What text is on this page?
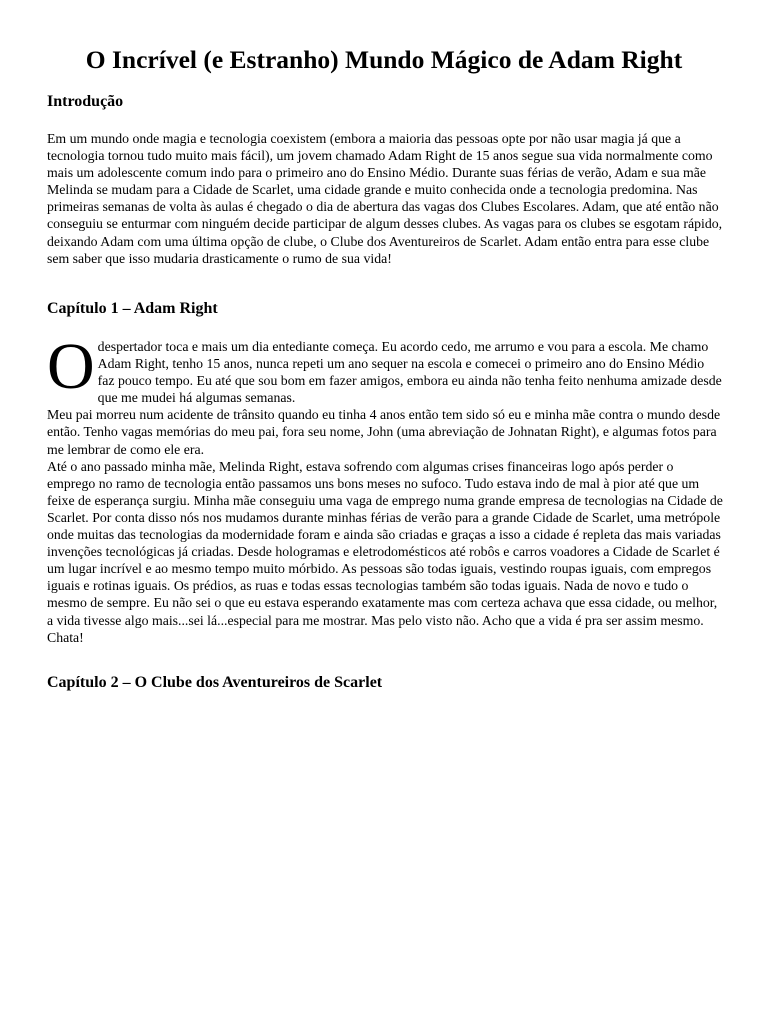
O Incrível (e Estranho) Mundo Mágico de Adam Right
Introdução

Em um mundo onde magia e tecnologia coexistem (embora a maioria das pessoas opte por não usar magia já que a tecnologia tornou tudo muito mais fácil), um jovem chamado Adam Right de 15 anos segue sua vida normalmente como mais um adolescente comum indo para o primeiro ano do Ensino Médio. Durante suas férias de verão, Adam e sua mãe Melinda se mudam para a Cidade de Scarlet, uma cidade grande e muito conhecida onde a tecnologia predomina. Nas primeiras semanas de volta às aulas é chegado o dia de abertura das vagas dos Clubes Escolares. Adam, que até então não conseguiu se enturmar com ninguém decide participar de algum desses clubes. As vagas para os clubes se esgotam rápido, deixando Adam com uma última opção de clube, o Clube dos Aventureiros de Scarlet. Adam então entra para esse clube sem saber que isso mudaria drasticamente o rumo de sua vida!

Capítulo 1 – Adam Right
O despertador toca e mais um dia entediante começa. Eu acordo cedo, me arrumo e vou para a escola. Me chamo Adam Right, tenho 15 anos, nunca repeti um ano sequer na escola e comecei o primeiro ano do Ensino Médio faz pouco tempo. Eu até que sou bom em fazer amigos, embora eu ainda não tenha feito nenhuma amizade desde que me mudei há algumas semanas.
Meu pai morreu num acidente de trânsito quando eu tinha 4 anos então tem sido só eu e minha mãe contra o mundo desde então. Tenho vagas memórias do meu pai, fora seu nome, John (uma abreviação de Johnatan Right), e algumas fotos para me lembrar de como ele era.
Até o ano passado minha mãe, Melinda Right, estava sofrendo com algumas crises financeiras logo após perder o emprego no ramo de tecnologia então passamos uns bons meses no sufoco. Tudo estava indo de mal à pior até que um feixe de esperança surgiu. Minha mãe conseguiu uma vaga de emprego numa grande empresa de tecnologias na Cidade de Scarlet. Por conta disso nós nos mudamos durante minhas férias de verão para a grande Cidade de Scarlet, uma metrópole onde muitas das tecnologias da modernidade foram e ainda são criadas e graças a isso a cidade é repleta das mais variadas invenções tecnológicas já criadas. Desde hologramas e eletrodomésticos até robôs e carros voadores a Cidade de Scarlet é um lugar incrível e ao mesmo tempo muito mórbido. As pessoas são todas iguais, vestindo roupas iguais, com empregos iguais e rotinas iguais. Os prédios, as ruas e todas essas tecnologias também são todas iguais. Nada de novo e tudo o mesmo de sempre. Eu não sei o que eu estava esperando exatamente mas com certeza achava que essa cidade, ou melhor, a vida tivesse algo mais...sei lá...especial para me mostrar. Mas pelo visto não. Acho que a vida é pra ser assim mesmo. Chata!
Capítulo 2 – O Clube dos Aventureiros de Scarlet
